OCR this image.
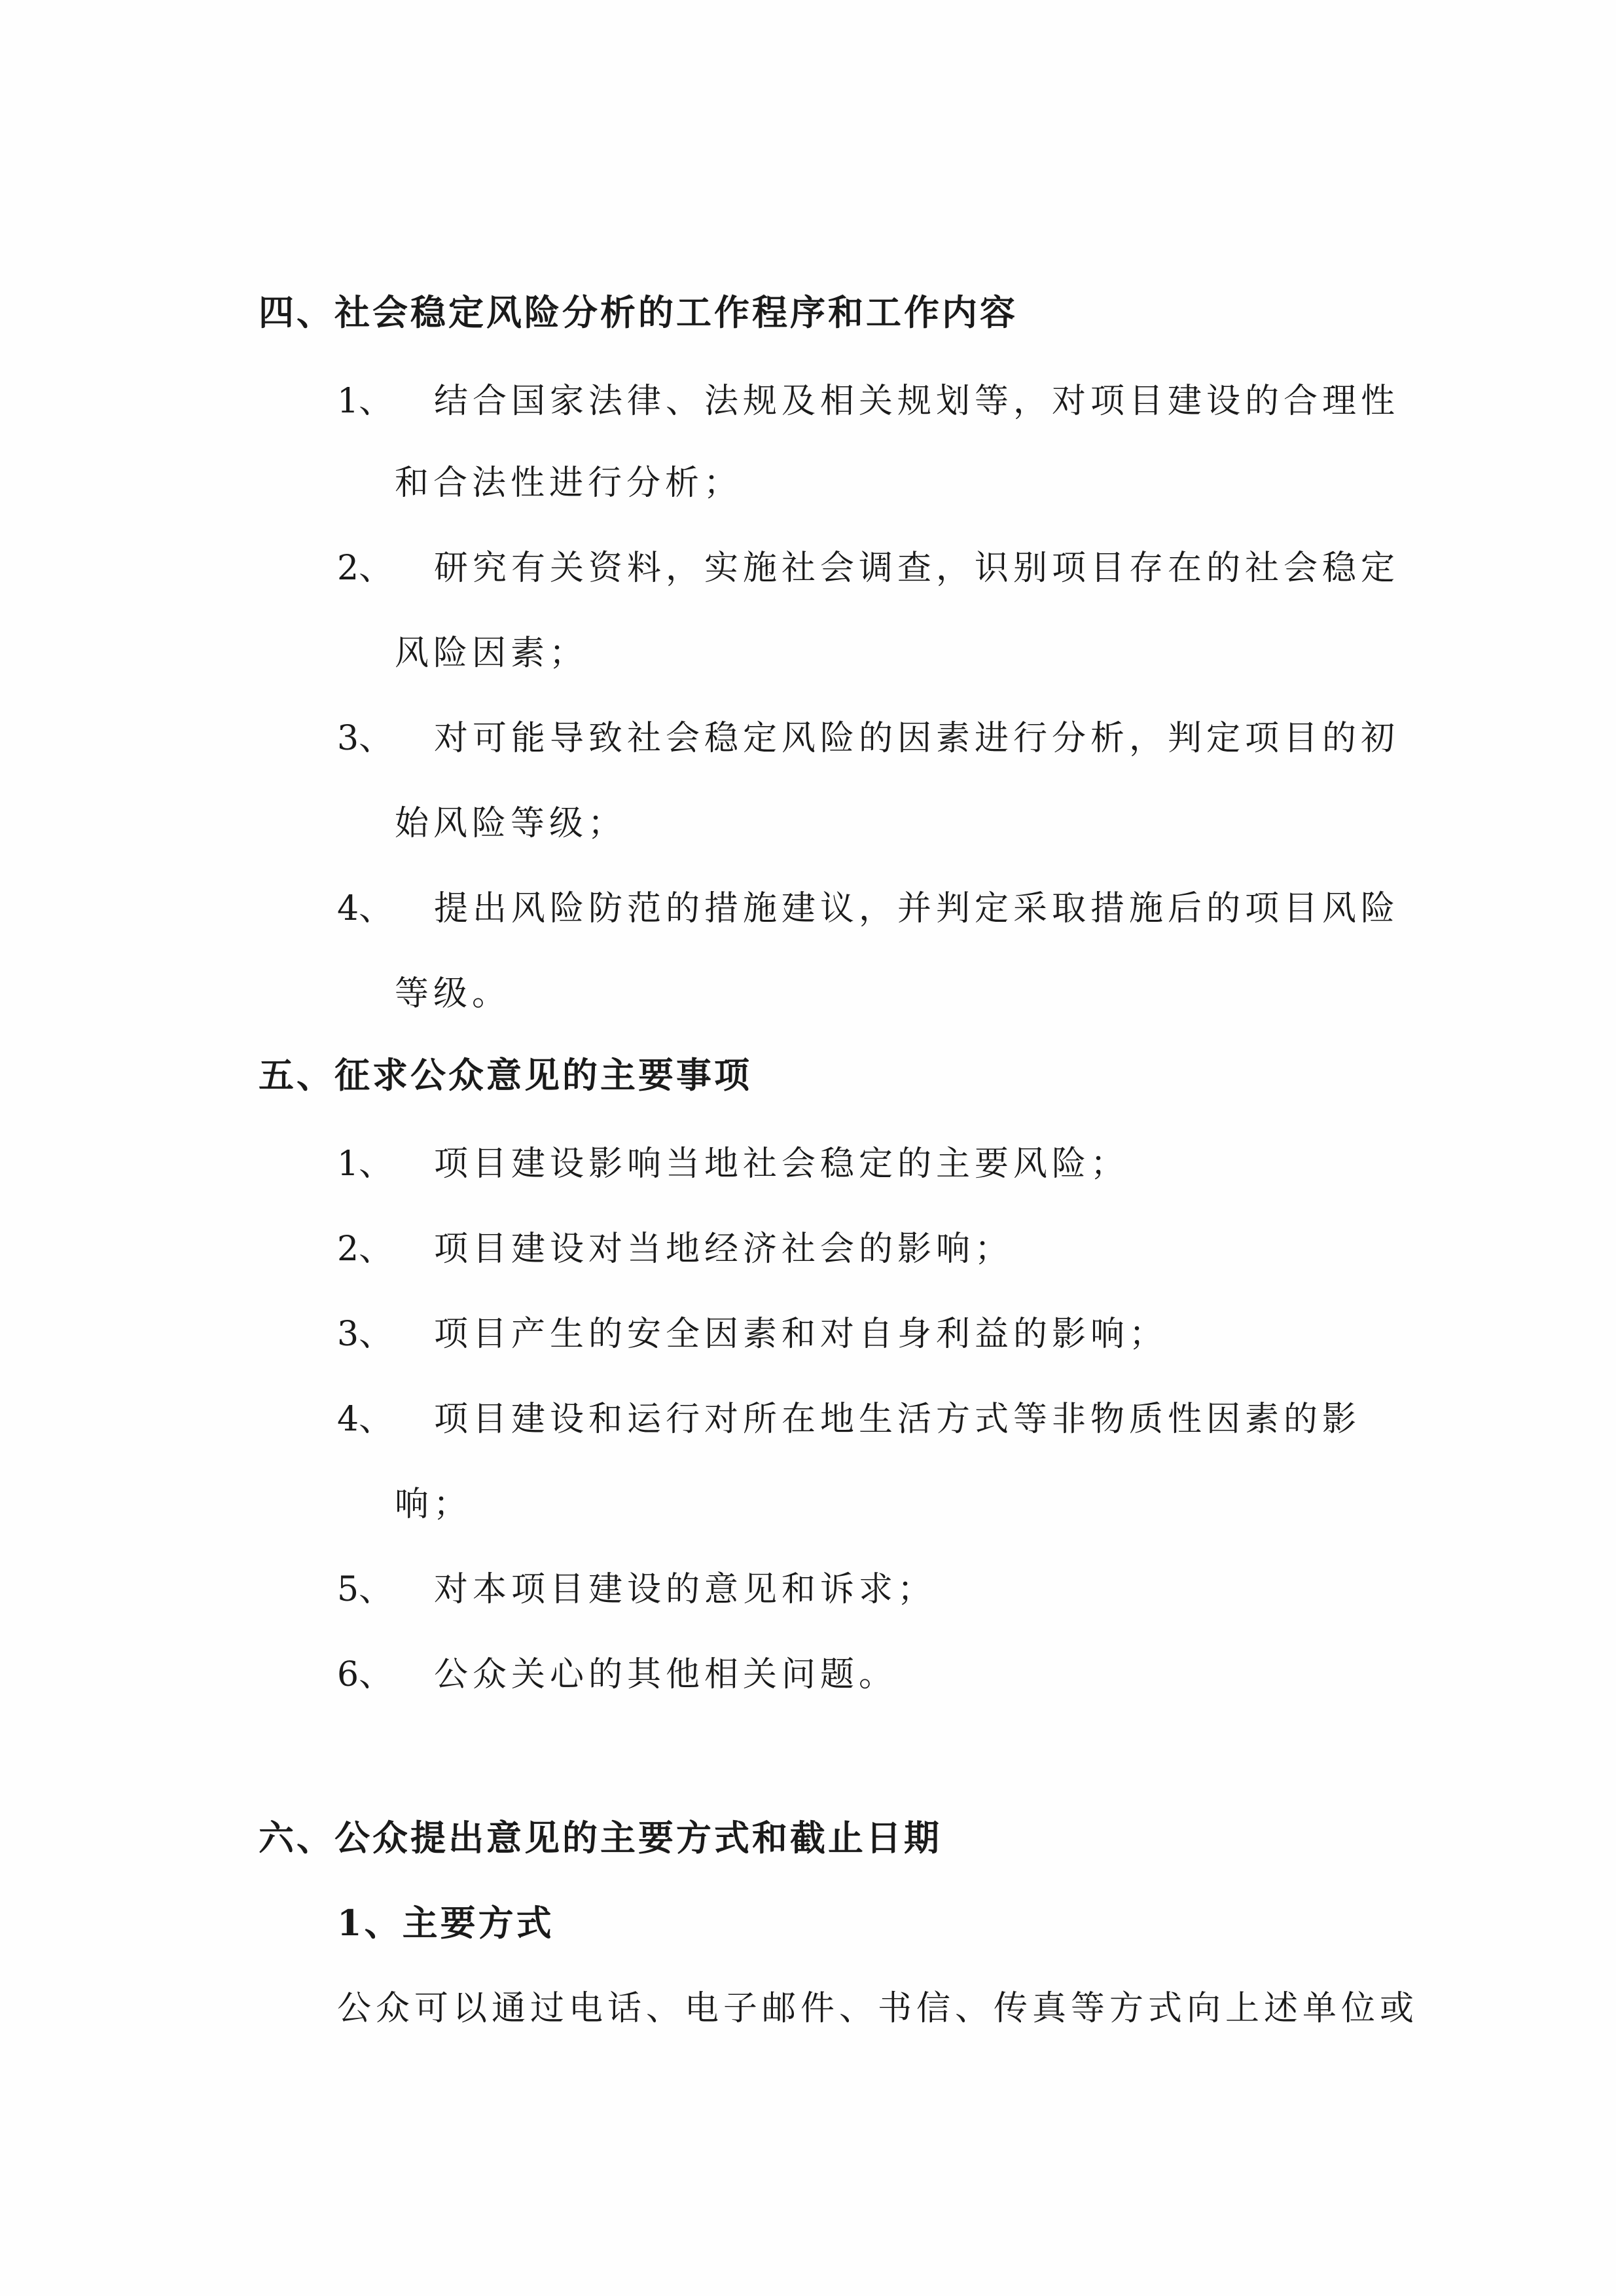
四、社会稳定风险分析的工作程序和工作内容
1、 结合国家法律、法规及相关规划等，对项目建设的合理性
和合法性进行分析；
2、 研究有关资料，实施社会调查，识别项目存在的社会稳定
风险因素；
3、 对可能导致社会稳定风险的因素进行分析，判定项目的初
始风险等级；
4、 提出风险防范的措施建议，并判定采取措施后的项目风险
等级。
五、征求公众意见的主要事项
1、 项目建设影响当地社会稳定的主要风险；
2、 项目建设对当地经济社会的影响；
3、 项目产生的安全因素和对自身利益的影响；
4、 项目建设和运行对所在地生活方式等非物质性因素的影
响；
5、 对本项目建设的意见和诉求；
6、 公众关心的其他相关问题。
六、公众提出意见的主要方式和截止日期
1、主要方式
公众可以通过电话、电子邮件、书信、传真等方式向上述单位或
